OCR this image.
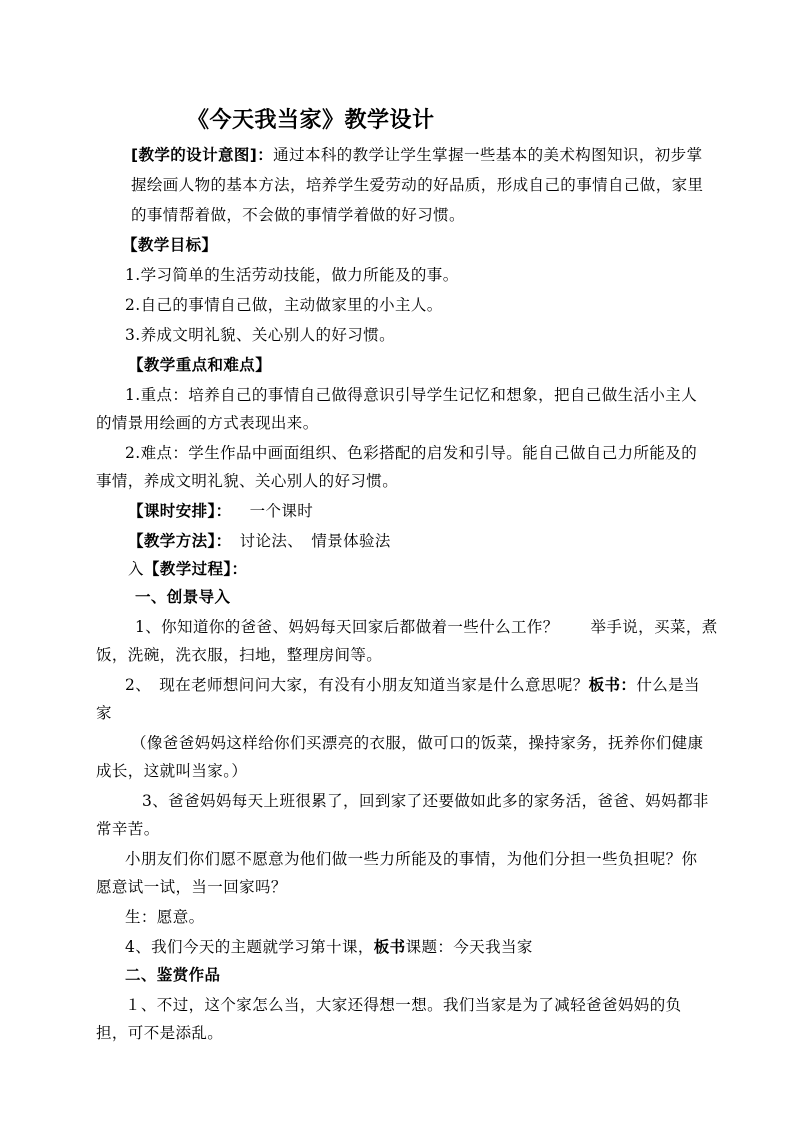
《今天我当家》教学设计
[教学的设计意图]：通过本科的教学让学生掌握一些基本的美术构图知识，初步掌
握绘画人物的基本方法，培养学生爱劳动的好品质，形成自己的事情自己做，家里
的事情帮着做，不会做的事情学着做的好习惯。
【教学目标】
1.学习简单的生活劳动技能，做力所能及的事。
2.自己的事情自己做，主动做家里的小主人。
3.养成文明礼貌、关心别人的好习惯。
【教学重点和难点】
1.重点：培养自己的事情自己做得意识引导学生记忆和想象，把自己做生活小主人
的情景用绘画的方式表现出来。
2.难点：学生作品中画面组织、色彩搭配的启发和引导。能自己做自己力所能及的
事情，养成文明礼貌、关心别人的好习惯。
【课时安排】： 一个课时
【教学方法】： 讨论法、　情景体验法
入【教学过程】：
一、创景导入
1、你知道你的爸爸、妈妈每天回家后都做着一些什么工作？　　举手说，买菜，煮
饭，洗碗，洗衣服，扫地，整理房间等。
2、　现在老师想问问大家，有没有小朋友知道当家是什么意思呢？板书：什么是当
家
（像爸爸妈妈这样给你们买漂亮的衣服，做可口的饭菜，操持家务，抚养你们健康
成长，这就叫当家。）
3、爸爸妈妈每天上班很累了，回到家了还要做如此多的家务活，爸爸、妈妈都非
常辛苦。
小朋友们你们愿不愿意为他们做一些力所能及的事情，为他们分担一些负担呢？你
愿意试一试，当一回家吗？
生：愿意。
4、我们今天的主题就学习第十课，板书课题：今天我当家
二、鉴赏作品
１、不过，这个家怎么当，大家还得想一想。我们当家是为了减轻爸爸妈妈的负
担，可不是添乱。
